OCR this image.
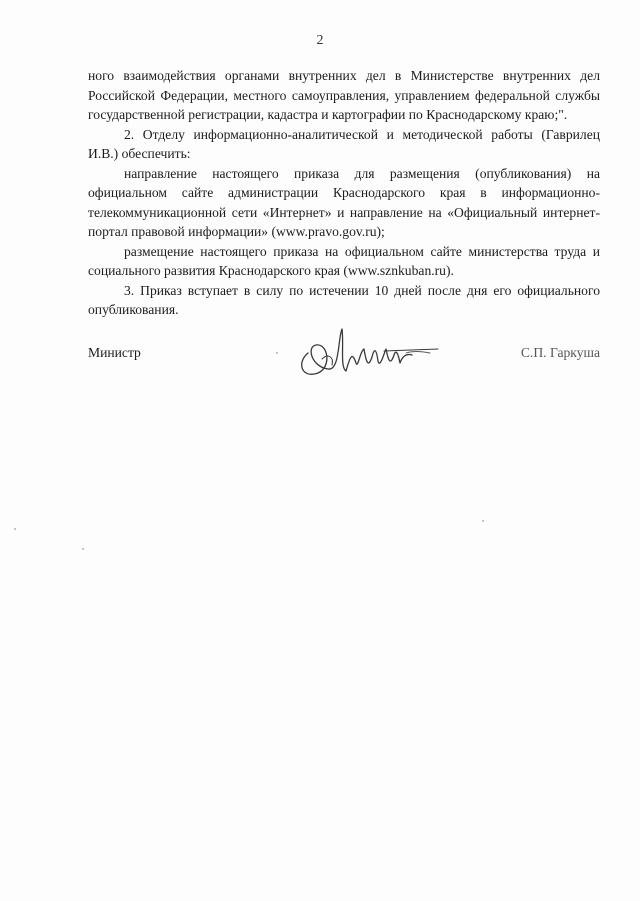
2

ного взаимодействия органами внутренних дел в Министерстве внутренних дел Российской Федерации, местного самоуправления, управлением федеральной службы государственной регистрации, кадастра и картографии по Краснодарскому краю;".

2. Отделу информационно-аналитической и методической работы (Гаврилец И.В.) обеспечить:

направление настоящего приказа для размещения (опубликования) на официальном сайте администрации Краснодарского края в информационно-телекоммуникационной сети «Интернет» и направление на «Официальный интернет-портал правовой информации» (www.pravo.gov.ru);

размещение настоящего приказа на официальном сайте министерства труда и социального развития Краснодарского края (www.sznkuban.ru).

3. Приказ вступает в силу по истечении 10 дней после дня его официального опубликования.

Министр	С.П. Гаркуша
